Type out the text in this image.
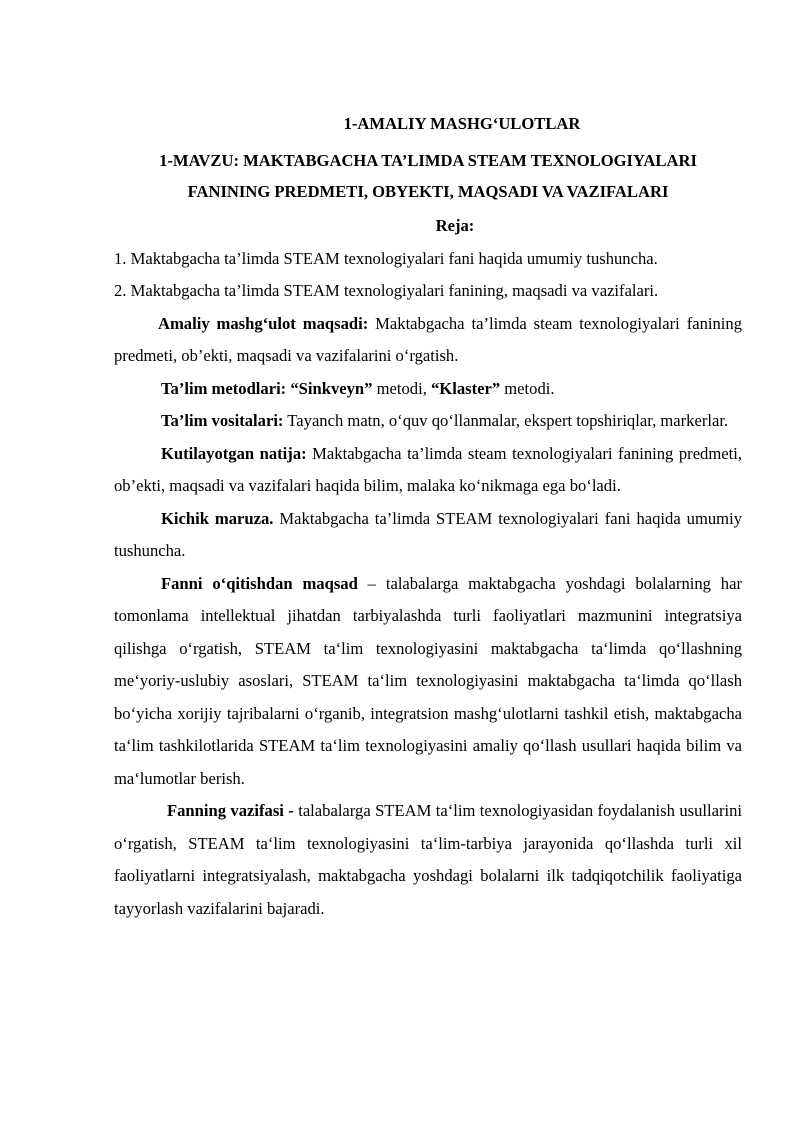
1-AMALIY MASHG‘ULOTLAR

1-MAVZU: MAKTABGACHA TA’LIMDA STEAM TEXNOLOGIYALARI

FANINING PREDMETI, OBYEKTI, MAQSADI VA VAZIFALARI

Reja:

1. Maktabgacha ta’limda STEAM texnologiyalari fani haqida umumiy tushuncha.

2. Maktabgacha ta’limda STEAM texnologiyalari fanining, maqsadi va vazifalari.

Amaliy mashg‘ulot maqsadi: Maktabgacha ta’limda steam texnologiyalari fanining predmeti, ob’ekti, maqsadi va vazifalarini o‘rgatish.

Ta’lim metodlari: “Sinkveyn” metodi, “Klaster” metodi.

Ta’lim vositalari: Tayanch matn, o‘quv qo‘llanmalar, ekspert topshiriqlar, markerlar.

Kutilayotgan natija: Maktabgacha ta’limda steam texnologiyalari fanining predmeti, ob’ekti, maqsadi va vazifalari haqida bilim, malaka ko‘nikmaga ega bo‘ladi.

Kichik maruza. Maktabgacha ta’limda STEAM texnologiyalari fani haqida umumiy tushuncha.

Fanni o‘qitishdan maqsad – talabalarga maktabgacha yoshdagi bolalarning har tomonlama intellektual jihatdan tarbiyalashda turli faoliyatlari mazmunini integratsiya qilishga o‘rgatish, STEAM ta‘lim texnologiyasini maktabgacha ta‘limda qo‘llashning me‘yoriy-uslubiy asoslari, STEAM ta‘lim texnologiyasini maktabgacha ta‘limda qo‘llash bo‘yicha xorijiy tajribalarni o‘rganib, integratsion mashg‘ulotlarni tashkil etish, maktabgacha ta‘lim tashkilotlarida STEAM ta‘lim texnologiyasini amaliy qo‘llash usullari haqida bilim va ma‘lumotlar berish.

Fanning vazifasi - talabalarga STEAM ta‘lim texnologiyasidan foydalanish usullarini o‘rgatish, STEAM ta‘lim texnologiyasini ta‘lim-tarbiya jarayonida qo‘llashda turli xil faoliyatlarni integratsiyalash, maktabgacha yoshdagi bolalarni ilk tadqiqotchilik faoliyatiga tayyorlash vazifalarini bajaradi.
